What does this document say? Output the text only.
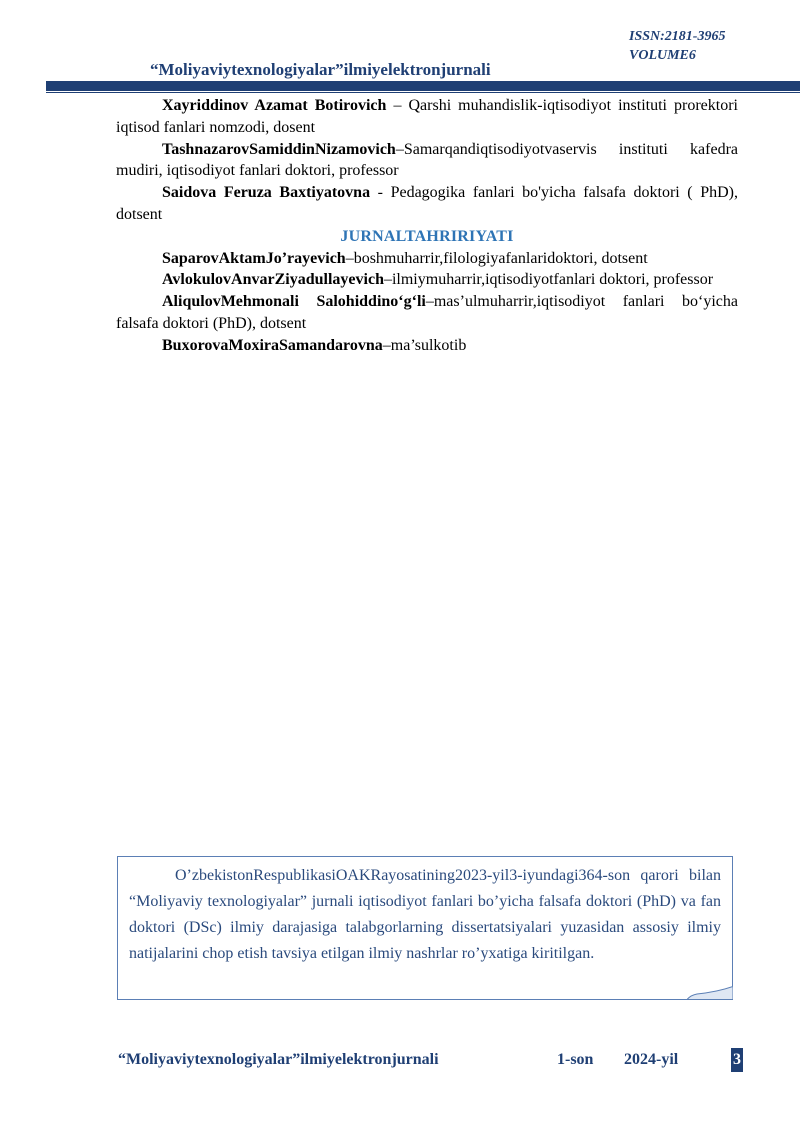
ISSN:2181-3965
VOLUME6
“Moliyaviytexnologiyalar”ilmiyelektronjurnali

Xayriddinov Azamat Botirovich – Qarshi muhandislik-iqtisodiyot instituti prorektori iqtisod fanlari nomzodi, dosent

TashnazarovSamiddinNizamovich–Samarqandiqtisodiyotvaservis instituti kafedra mudiri, iqtisodiyot fanlari doktori, professor

Saidova Feruza Baxtiyatovna - Pedagogika fanlari bo'yicha falsafa doktori ( PhD), dotsent

JURNALTAHRIRIYATI

SaparovAktamJo’rayevich–boshmuharrir,filologiyafanlaridoktori, dotsent

AvlokulovAnvarZiyadullayevich–ilmiymuharrir,iqtisodiyotfanlari doktori, professor

AliqulovMehmonali Salohiddino‘g‘li–mas’ulmuharrir,iqtisodiyot fanlari bo‘yicha falsafa doktori (PhD), dotsent

BuxorovaMoxiraSamandarovna–ma’sulkotib

O’zbekistonRespublikasiOAKRayosatining2023-yil3-iyundagi364-son qarori bilan “Moliyaviy texnologiyalar” jurnali iqtisodiyot fanlari bo’yicha falsafa doktori (PhD) va fan doktori (DSc) ilmiy darajasiga talabgorlarning dissertatsiyalari yuzasidan assosiy ilmiy natijalarini chop etish tavsiya etilgan ilmiy nashrlar ro’yxatiga kiritilgan.

“Moliyaviytexnologiyalar”ilmiyelektronjurnali	1-son 2024-yil	3
